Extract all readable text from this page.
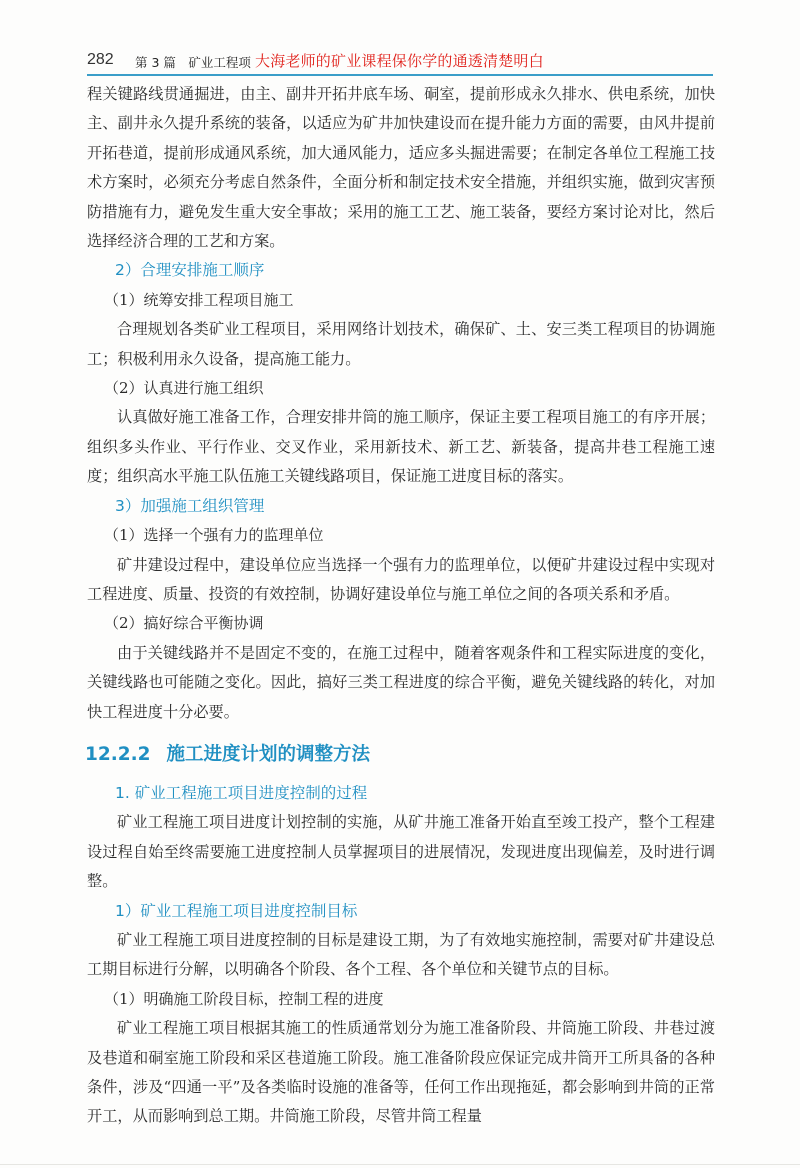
282 第 3 篇　矿业工程项 大海老师的矿业课程保你学的通透清楚明白

程关键路线贯通掘进，由主、副井开拓井底车场、硐室，提前形成永久排水、供电系统，加快主、副井永久提升系统的装备，以适应为矿井加快建设而在提升能力方面的需要，由风井提前开拓巷道，提前形成通风系统，加大通风能力，适应多头掘进需要；在制定各单位工程施工技术方案时，必须充分考虑自然条件，全面分析和制定技术安全措施，并组织实施，做到灾害预防措施有力，避免发生重大安全事故；采用的施工工艺、施工装备，要经方案讨论对比，然后选择经济合理的工艺和方案。

2）合理安排施工顺序

（1）统筹安排工程项目施工

合理规划各类矿业工程项目，采用网络计划技术，确保矿、土、安三类工程项目的协调施工；积极利用永久设备，提高施工能力。

（2）认真进行施工组织

认真做好施工准备工作，合理安排井筒的施工顺序，保证主要工程项目施工的有序开展；组织多头作业、平行作业、交叉作业，采用新技术、新工艺、新装备，提高井巷工程施工速度；组织高水平施工队伍施工关键线路项目，保证施工进度目标的落实。

3）加强施工组织管理

（1）选择一个强有力的监理单位

矿井建设过程中，建设单位应当选择一个强有力的监理单位，以便矿井建设过程中实现对工程进度、质量、投资的有效控制，协调好建设单位与施工单位之间的各项关系和矛盾。

（2）搞好综合平衡协调

由于关键线路并不是固定不变的，在施工过程中，随着客观条件和工程实际进度的变化，关键线路也可能随之变化。因此，搞好三类工程进度的综合平衡，避免关键线路的转化，对加快工程进度十分必要。

12.2.2 施工进度计划的调整方法

1. 矿业工程施工项目进度控制的过程

矿业工程施工项目进度计划控制的实施，从矿井施工准备开始直至竣工投产，整个工程建设过程自始至终需要施工进度控制人员掌握项目的进展情况，发现进度出现偏差，及时进行调整。

1）矿业工程施工项目进度控制目标

矿业工程施工项目进度控制的目标是建设工期，为了有效地实施控制，需要对矿井建设总工期目标进行分解，以明确各个阶段、各个工程、各个单位和关键节点的目标。

（1）明确施工阶段目标，控制工程的进度

矿业工程施工项目根据其施工的性质通常划分为施工准备阶段、井筒施工阶段、井巷过渡及巷道和硐室施工阶段和采区巷道施工阶段。施工准备阶段应保证完成井筒开工所具备的各种条件，涉及“四通一平”及各类临时设施的准备等，任何工作出现拖延，都会影响到井筒的正常开工，从而影响到总工期。井筒施工阶段，尽管井筒工程量
